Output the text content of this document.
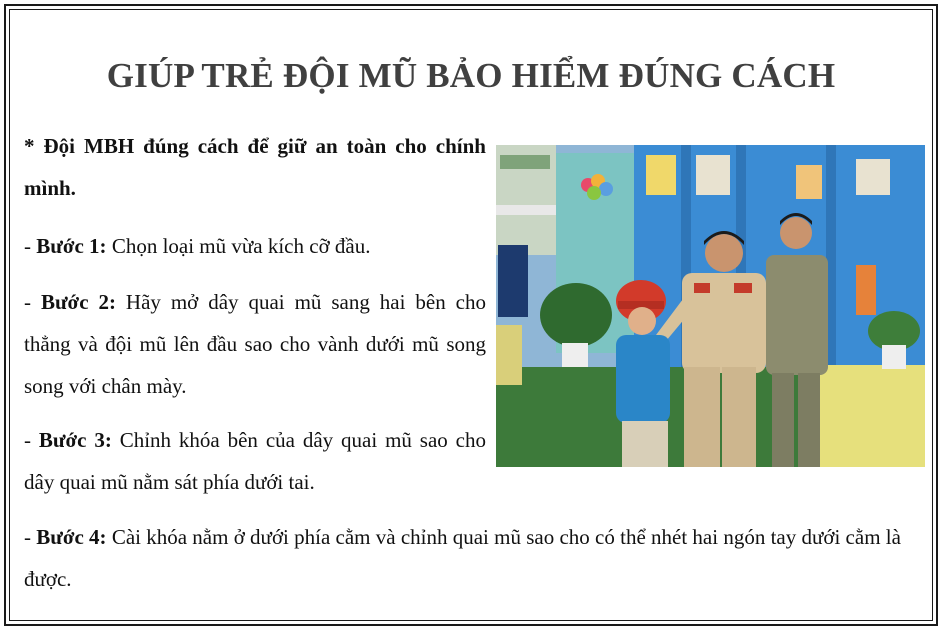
GIÚP TRẺ ĐỘI MŨ BẢO HIỂM ĐÚNG CÁCH
* Đội MBH đúng cách để giữ an toàn cho chính mình.
- Bước 1: Chọn loại mũ vừa kích cỡ đầu.
- Bước 2: Hãy mở dây quai mũ sang hai bên cho thẳng và đội mũ lên đầu sao cho vành dưới mũ song song với chân mày.
- Bước 3: Chỉnh khóa bên của dây quai mũ sao cho dây quai mũ nằm sát phía dưới tai.
- Bước 4: Cài khóa nằm ở dưới phía cằm và chỉnh quai mũ sao cho có thể nhét hai ngón tay dưới cằm là được.
